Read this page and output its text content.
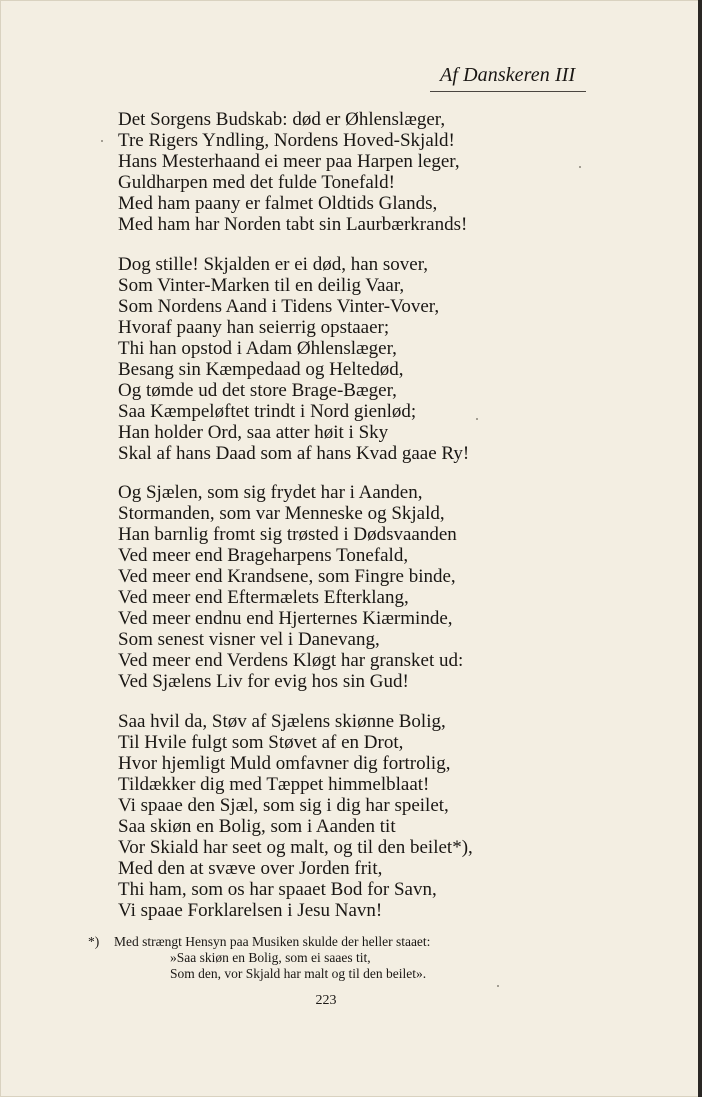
Af Danskeren III
Det Sorgens Budskab: død er Øhlenslæger,
Tre Rigers Yndling, Nordens Hoved-Skjald!
Hans Mesterhaand ei meer paa Harpen leger,
Guldharpen med det fulde Tonefald!
Med ham paany er falmet Oldtids Glands,
Med ham har Norden tabt sin Laurbærkrands!
Dog stille! Skjalden er ei død, han sover,
Som Vinter-Marken til en deilig Vaar,
Som Nordens Aand i Tidens Vinter-Vover,
Hvoraf paany han seierrig opstaaer;
Thi han opstod i Adam Øhlenslæger,
Besang sin Kæmpedaad og Heltedød,
Og tømde ud det store Brage-Bæger,
Saa Kæmpeløftet trindt i Nord gienlød;
Han holder Ord, saa atter høit i Sky
Skal af hans Daad som af hans Kvad gaae Ry!
Og Sjælen, som sig frydet har i Aanden,
Stormanden, som var Menneske og Skjald,
Han barnlig fromt sig trøsted i Dødsvaanden
Ved meer end Brageharpens Tonefald,
Ved meer end Krandsene, som Fingre binde,
Ved meer end Eftermælets Efterklang,
Ved meer endnu end Hjerternes Kiærminde,
Som senest visner vel i Danevang,
Ved meer end Verdens Kløgt har gransket ud:
Ved Sjælens Liv for evig hos sin Gud!
Saa hvil da, Støv af Sjælens skiønne Bolig,
Til Hvile fulgt som Støvet af en Drot,
Hvor hjemligt Muld omfavner dig fortrolig,
Tildækker dig med Tæppet himmelblaat!
Vi spaae den Sjæl, som sig i dig har speilet,
Saa skiøn en Bolig, som i Aanden tit
Vor Skiald har seet og malt, og til den beilet*),
Med den at svæve over Jorden frit,
Thi ham, som os har spaaet Bod for Savn,
Vi spaae Forklarelsen i Jesu Navn!
*) Med strængt Hensyn paa Musiken skulde der heller staaet:
»Saa skiøn en Bolig, som ei saaes tit,
Som den, vor Skjald har malt og til den beilet».
223
